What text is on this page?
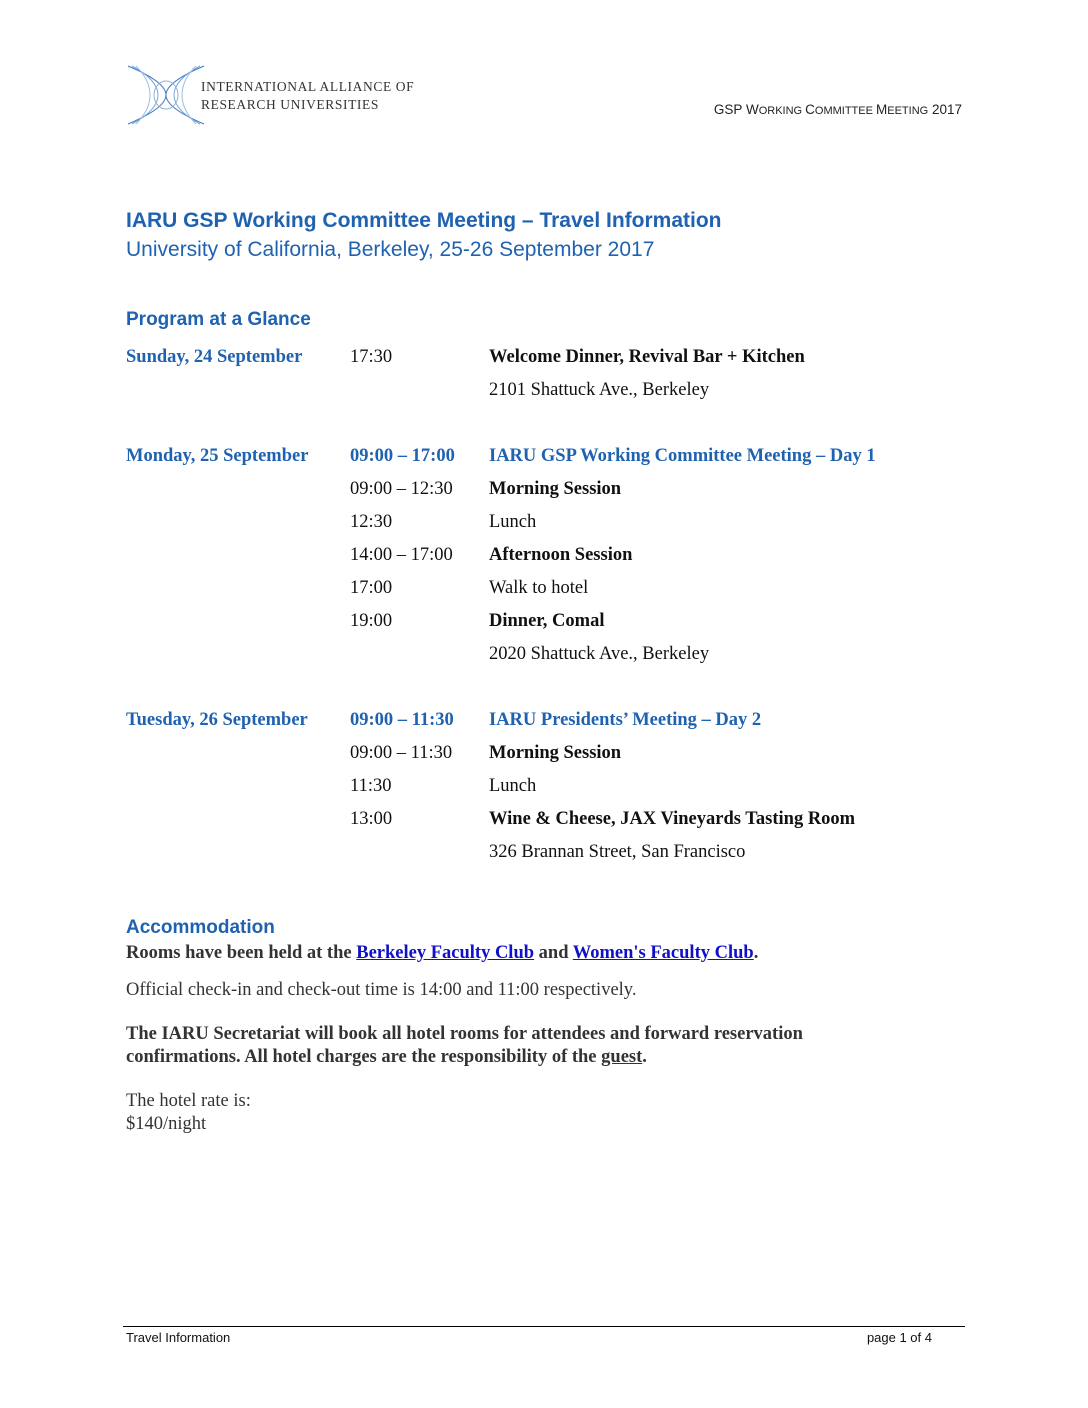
INTERNATIONAL ALLIANCE OF
RESEARCH UNIVERSITIES	GSP WORKING COMMITTEE MEETING 2017
IARU GSP Working Committee Meeting – Travel Information
University of California, Berkeley, 25-26 September 2017
Program at a Glance
Sunday, 24 September	17:30	Welcome Dinner, Revival Bar + Kitchen
2101 Shattuck Ave., Berkeley
Monday, 25 September 09:00 – 17:00 IARU GSP Working Committee Meeting – Day 1
09:00 – 12:30 Morning Session
12:30	Lunch
14:00 – 17:00 Afternoon Session
17:00	Walk to hotel
19:00	Dinner, Comal
2020 Shattuck Ave., Berkeley
Tuesday, 26 September 09:00 – 11:30 IARU Presidents’ Meeting – Day 2
09:00 – 11:30 Morning Session
11:30	Lunch
13:00	Wine & Cheese, JAX Vineyards Tasting Room
326 Brannan Street, San Francisco
Accommodation
Rooms have been held at the Berkeley Faculty Club and Women's Faculty Club.
Official check-in and check-out time is 14:00 and 11:00 respectively.
The IARU Secretariat will book all hotel rooms for attendees and forward reservation
confirmations. All hotel charges are the responsibility of the guest.
The hotel rate is:
$140/night
Travel Information	page 1 of 4
